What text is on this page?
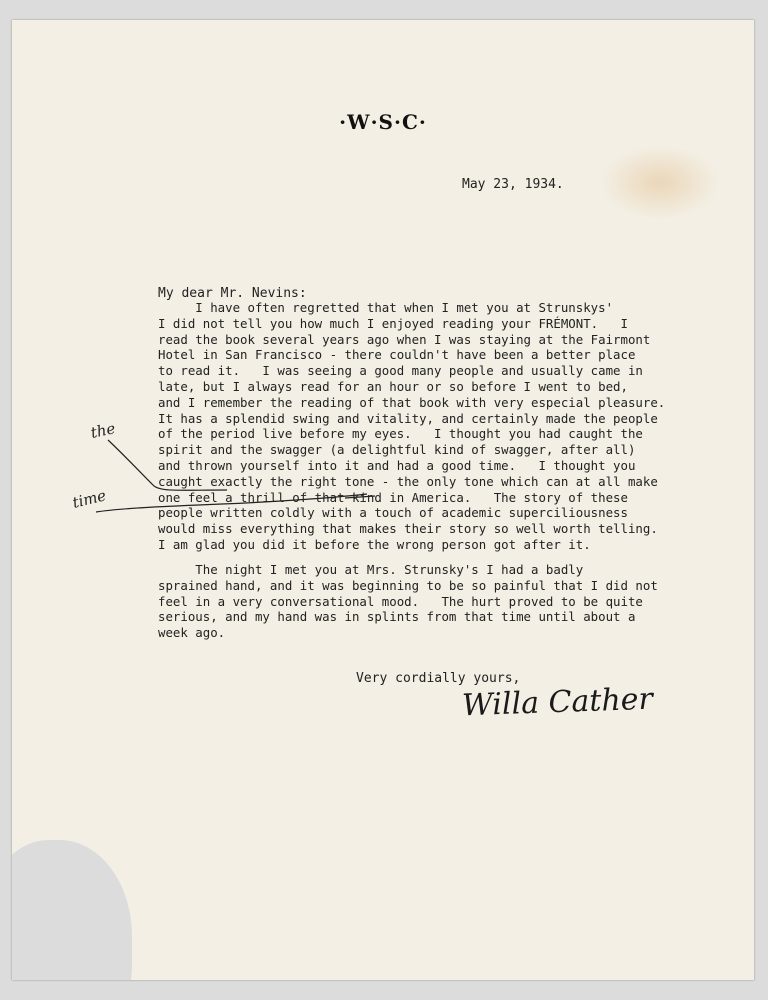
·W·S·C·
May 23, 1934.
My dear Mr. Nevins:
I have often regretted that when I met you at Strunskys'
I did not tell you how much I enjoyed reading your FRÉMONT.   I
read the book several years ago when I was staying at the Fairmont
Hotel in San Francisco - there couldn't have been a better place
to read it.   I was seeing a good many people and usually came in
late, but I always read for an hour or so before I went to bed,
and I remember the reading of that book with very especial pleasure.
It has a splendid swing and vitality, and certainly made the people
of the period live before my eyes.   I thought you had caught the
spirit and the swagger (a delightful kind of swagger, after all)
and thrown yourself into it and had a good time.   I thought you
caught exactly the right tone - the only tone which can at all make
one feel a thrill of that kind in America.   The story of these
people written coldly with a touch of academic superciliousness
would miss everything that makes their story so well worth telling.
I am glad you did it before the wrong person got after it.
The night I met you at Mrs. Strunsky's I had a badly
sprained hand, and it was beginning to be so painful that I did not
feel in a very conversational mood.   The hurt proved to be quite
serious, and my hand was in splints from that time until about a
week ago.
Very cordially yours,
Willa Cather
the
time
